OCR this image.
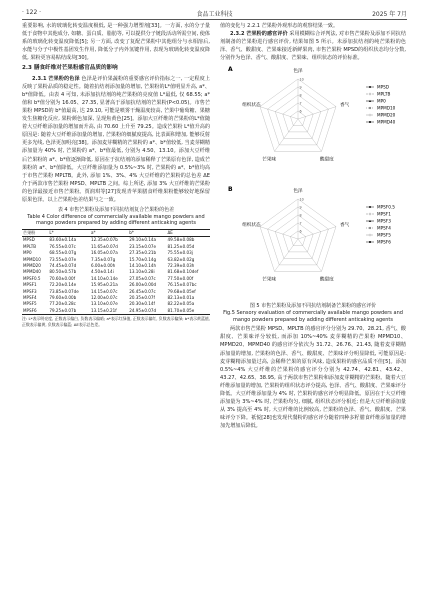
· 122 ·	食品工业科技	2025 年 7月

重要影响, 水的玻璃化转变温度极低, 是一种强力增塑剂[33]。一方面, 水的分子量低于食物中其他成分, 如糖、蛋白质、脂肪等, 可以提供分子链段活动所需空间, 使体系的玻璃化转变温度降低[5]; 另一方面, 改变了复配芒果粉中其他组分与水相溶后, 水能与分子中极性基团发生作用, 降低分子内外氢键作用, 表现为玻璃化转变温度降低, 果粉更容易粘结成块[30]。

2.3 膳食纤维对芒果粉感官品质的影响

2.3.1 芒果粉的色泽 色泽是评价果蔬粉的重要感官评价指标之一, 一定程度上反映了果粉品质的稳定性。随着抗结剂添加量的增加, 芒果粉的L*值明显升高, a*、b*值降低。由表 4 可知, 未添加抗结剂的纯芒果粉的亮度值 L*最低, 仅 68.55; a*值和 b*值分别为 16.05、27.35, 显著高于添加抗结剂的芒果粉(P<0.05)。市售芒果粉 MPSD的 b*值最高, 达 29.10, 可能是喷雾干燥温度较高, 芒果中葡萄糖、果糖发生焦糖化反应, 果粉颜色加深, 呈现焦黄色[25]。添加大豆纤维的芒果粉的L*值随着大豆纤维添加量的增加而升高, 由 70.60 上升至 79.25。造成芒果粉 L*值升高的原因是: 随着大豆纤维添加量的增加, 芒果粉的细腻度提高, 比表面积增加, 能够反射更多光线, 色泽更加明亮[38]。添加麦芽糊精的芒果粉的 a*、b*值较低, 当麦芽糊精添加量为 40% 时, 芒果粉的 a*、b*值最低, 分别为 4.50、13.10。添加大豆纤维后芒果粉的 a*、b*值逐渐降低, 原因在于抗结剂的添加稀释了芒果原有色泽, 造成芒果粉的 a*、b*值降低。大豆纤维添加量为 0.5%~3% 时, 芒果粉的 a*、b*值均高于市售芒果粉 MPLTB。此外, 添加 1%、3%、4% 大豆纤维的芒果粉的总色差 ΔE 介于两款市售芒果粉 MPSD、MPLTB 之间。综上所述, 添加 3% 大豆纤维的芒果粉的色泽最接近市售芒果粉。贾润琪等[27]发现青苹果膳食纤维果粉能够较好地保留原果色泽。以上芒果粉色差结果与之一致。

表 4 市售芒果粉及添加不同抗结剂复合芒果粉的色差
Table 4 Color difference of commercially available mango powders and mango powders prepared by adding different anticaking agents
芒果粉	L*	a*	b*	ΔE
MPSD	83.60±0.14a	12.35±0.07b	29.10±0.14a	49.58±0.08b
MPLTB	76.55±0.07c	11.65±0.07d	23.15±0.07e	81.25±0.05d
MP0	68.55±0.07g	16.05±0.07a	27.35±0.21b	75.55±0.03j
MPMD10	73.55±0.07e	7.35±0.07g	15.70±0.14g	63.82±0.02g
MPMD20	74.45±0.07d	6.00±0.00h	14.10±0.14h	72.39±0.03h
MPMD40	80.50±0.57b	4.50±0.14i	13.10±0.28i	81.68±0.10def
MPSF0.5	70.60±0.00f	14.10±0.14e	27.05±0.07c	77.50±0.00f
MPSF1	72.20±0.14e	15.95±0.21a	26.00±0.00d	76.15±0.07bc
MPSF3	73.85±0.07de	14.15±0.07c	26.45±0.07c	79.68±0.05ef
MPSF4	79.60±0.00b	12.00±0.07c	20.35±0.07f	82.13±0.01a
MPSF5	77.20±0.28c	13.10±0.07e	20.30±0.14f	82.22±0.05a
MPSF6	79.25±0.07b	13.15±0.21f	24.95±0.07d	81.70±0.05e
注: L*表示明亮度, 正数表示偏白, 负数表示偏暗; a*表示红绿值, 正数表示偏红, 负数表示偏绿; b*表示黄蓝值, 正数表示偏黄, 负数表示偏蓝; ΔE表示总色差。

值的变化与 2.2.1 芒果粉外观形态的观察结果一致。

2.3.2 芒果粉的感官评价 采用模糊综合评判法, 对市售芒果粉及添加不同抗结剂制备的芒果粉进行感官评价, 结果如图 5 所示。未添加抗结剂的纯芒果粉的色泽、香气、酸甜度、芒果味接近新鲜果肉, 市售芒果粉 MPSD的组织状态均分分数, 分别作为色泽、香气、酸甜度、芒果味、组织状态的评价标准。

A	色泽
香气
酸甜度
芒果味
组织状态
6
7
8
9
10
MPSD
MPLTB
MP0
MPMD10
MPMD20
MPMD40
B	色泽
香气
酸甜度
芒果味
组织状态
6
7
8
9
10
MPSF0.5
MPSF1
MPSF3
MPSF4
MPSF5
MPSF6
图 5 市售芒果粉及添加不同抗结剂制备芒果粉的感官评价
Fig.5 Sensory evaluation of commercially available mango powders and mango powders prepared by adding different anticaking agents

两款市售芒果粉 MPSD、MPLTB 的感官评分分别为 29.70、28.21, 香气、酸甜度、芒果味评分较低, 而添加 10%~40% 麦芽糊精的芒果粉 MPMD10、MPMD20、MPMD40 的感官评分依次为 31.72、26.76、21.43, 随着麦芽糊精添加量的增加, 芒果粉的色泽、香气、酸甜度、芒果味评分明显降低, 可能原因是: 麦芽糊精添加量过高, 会稀释芒果的原有风味, 造成果粉的感官品质不佳[5]。添加 0.5%~4% 大豆纤维的芒果粉的感官评分分别为 42.74、42.81、43.42、43.27、42.65、38.95, 高于两款市售芒果粉和添加麦芽糊精的芒果粉。随着大豆纤维添加量的增加, 芒果粉的组织状态评分提高, 色泽、香气、酸甜度、芒果味评分降低。大豆纤维添加量为 4% 时, 芒果粉的感官评分明显降低。原因在于大豆纤维添加量为 3%~4% 时, 芒果粉均匀, 细腻, 组织状态评分相近; 但是大豆纤维添加量从 3% 提高至 4% 时, 大豆纤维的比例较高, 芒果粉的色泽、香气、酸甜度、芒果味评分下降。祇悦[28]也发现代餐粉的感官评分随着四种多籽膳食纤维添加量的增加先增加后降低。
